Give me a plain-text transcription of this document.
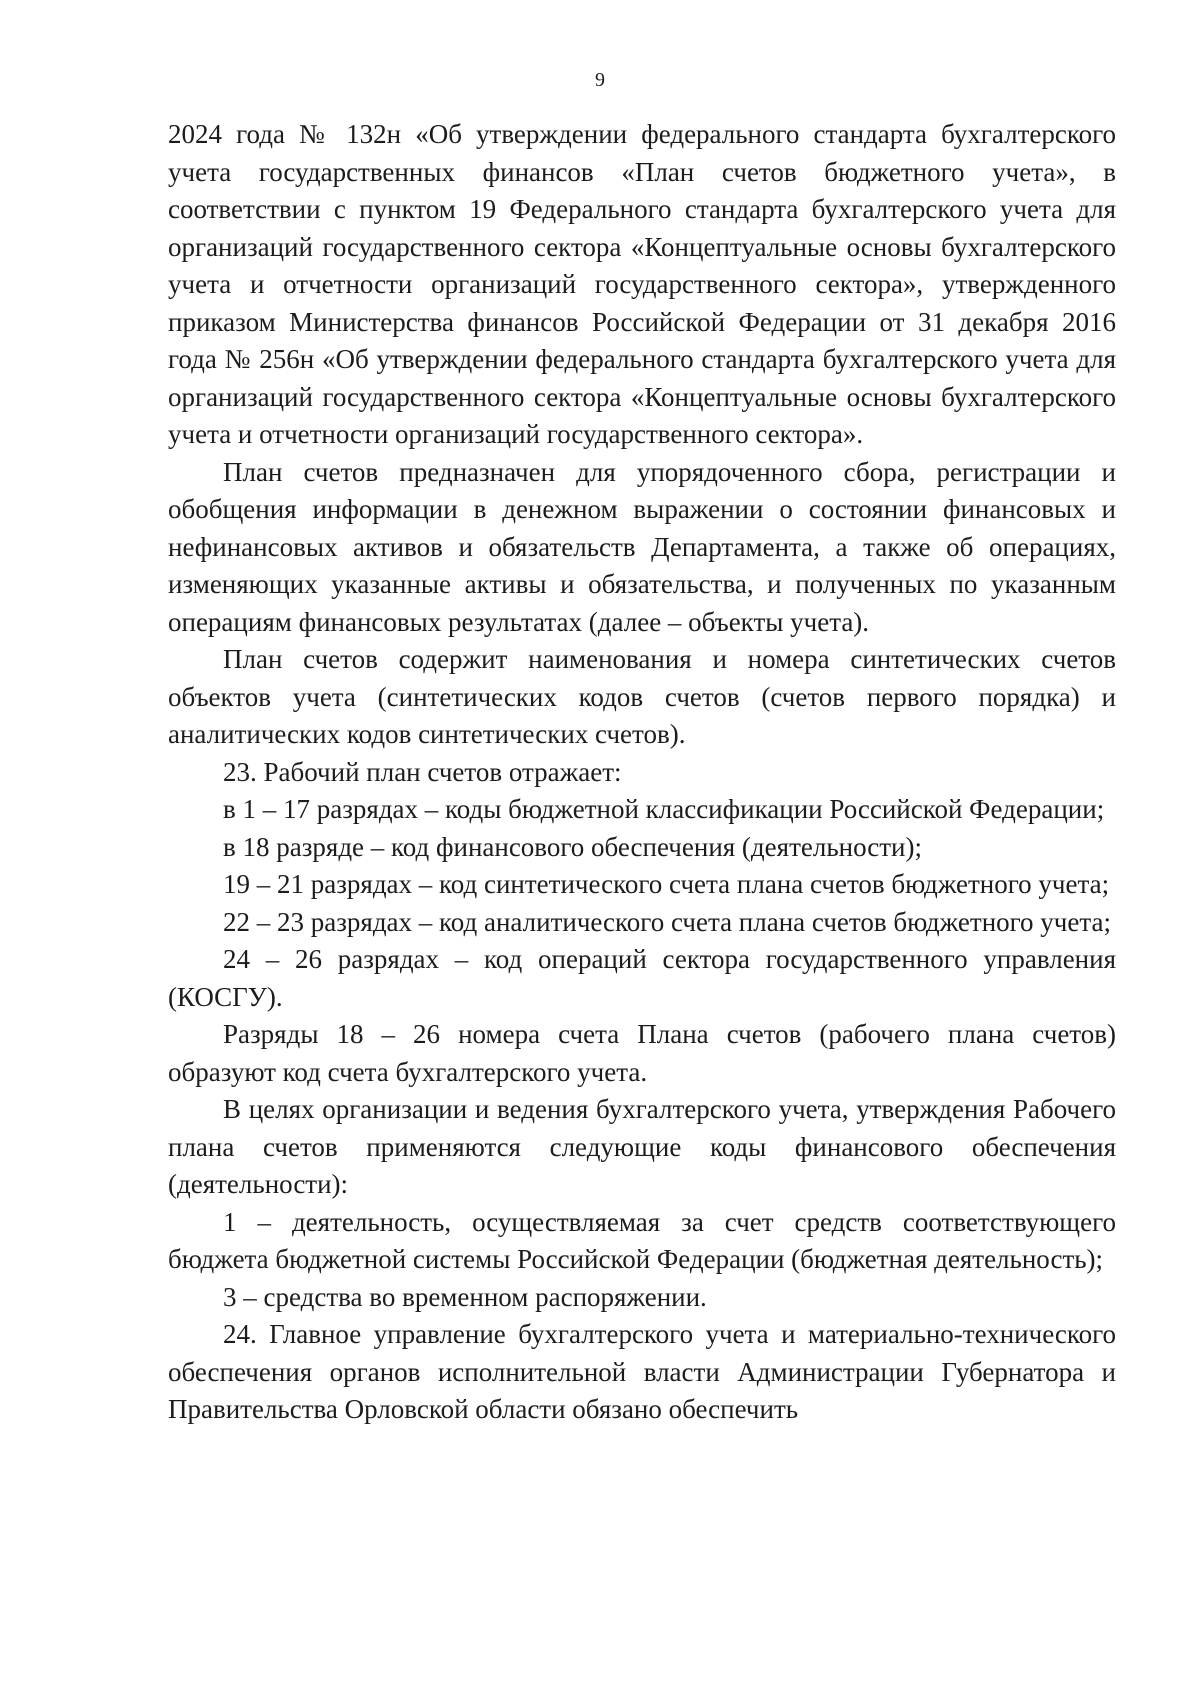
9

2024 года № 132н «Об утверждении федерального стандарта бухгалтерского учета государственных финансов «План счетов бюджетного учета», в соответствии с пунктом 19 Федерального стандарта бухгалтерского учета для организаций государственного сектора «Концептуальные основы бухгалтерского учета и отчетности организаций государственного сектора», утвержденного приказом Министерства финансов Российской Федерации от 31 декабря 2016 года № 256н «Об утверждении федерального стандарта бухгалтерского учета для организаций государственного сектора «Концептуальные основы бухгалтерского учета и отчетности организаций государственного сектора».

План счетов предназначен для упорядоченного сбора, регистрации и обобщения информации в денежном выражении о состоянии финансовых и нефинансовых активов и обязательств Департамента, а также об операциях, изменяющих указанные активы и обязательства, и полученных по указанным операциям финансовых результатах (далее – объекты учета).

План счетов содержит наименования и номера синтетических счетов объектов учета (синтетических кодов счетов (счетов первого порядка) и аналитических кодов синтетических счетов).

23. Рабочий план счетов отражает:

в 1 – 17 разрядах – коды бюджетной классификации Российской Федерации;

в 18 разряде – код финансового обеспечения (деятельности);

19 – 21 разрядах – код синтетического счета плана счетов бюджетного учета;

22 – 23 разрядах – код аналитического счета плана счетов бюджетного учета;

24 – 26 разрядах – код операций сектора государственного управления (КОСГУ).

Разряды 18 – 26 номера счета Плана счетов (рабочего плана счетов) образуют код счета бухгалтерского учета.

В целях организации и ведения бухгалтерского учета, утверждения Рабочего плана счетов применяются следующие коды финансового обеспечения (деятельности):

1 – деятельность, осуществляемая за счет средств соответствующего бюджета бюджетной системы Российской Федерации (бюджетная деятельность);

3 – средства во временном распоряжении.

24. Главное управление бухгалтерского учета и материально-технического обеспечения органов исполнительной власти Администрации Губернатора и Правительства Орловской области обязано обеспечить
